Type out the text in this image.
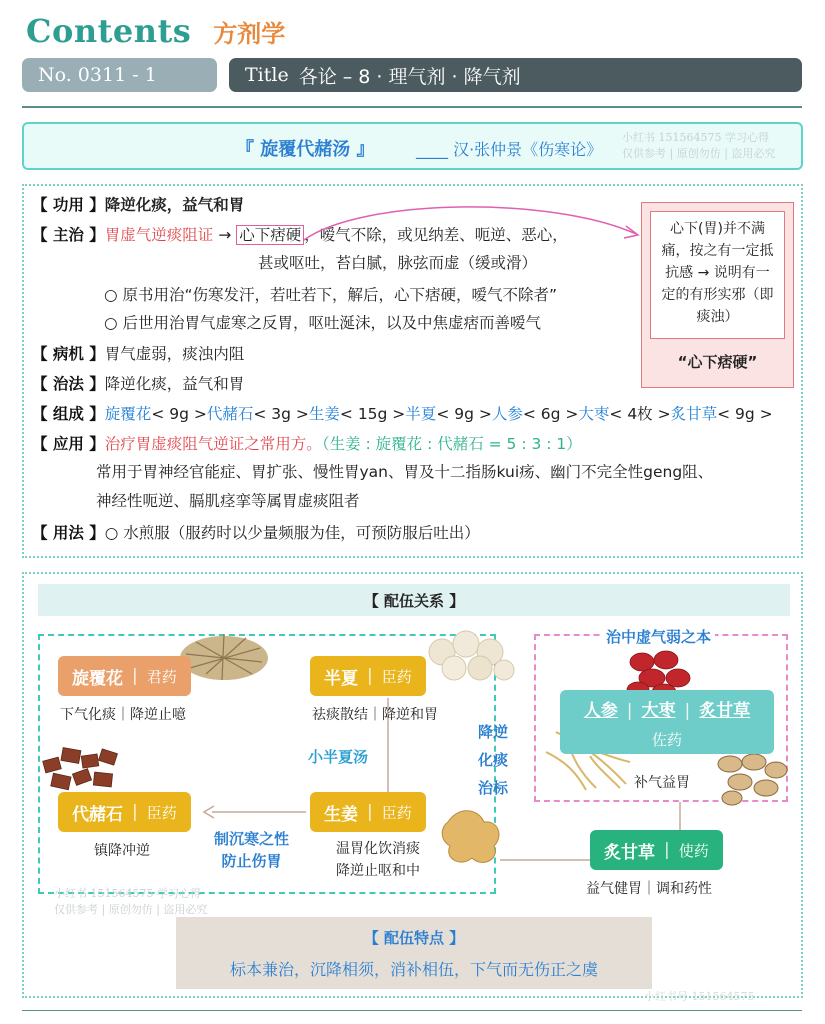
Contents 方剂学
No. 0311 - 1	Title 各论 – 8 · 理气剂 · 降气剂
『 旋覆代赭汤 』	____ 汉·张仲景《伤寒论》
小红书 151564575 学习心得
仅供参考 | 原创勿仿 | 盗用必究
【 功用 】降逆化痰，益气和胃
【 主治 】胃虚气逆痰阻证 → 心下痞硬 ，嗳气不除，或见纳差、呃逆、恶心，
甚或呕吐，苔白腻，脉弦而虚（缓或滑）
○ 原书用治“伤寒发汗，若吐若下，解后，心下痞硬，嗳气不除者”
○ 后世用治胃气虚寒之反胃，呕吐涎沫，以及中焦虚痞而善嗳气
【 病机 】胃气虚弱，痰浊内阻
【 治法 】降逆化痰，益气和胃
【 组成 】旋覆花< 9g >代赭石< 3g >生姜< 15g >半夏< 9g >人参< 6g >大枣< 4枚 >炙甘草< 9g >
【 应用 】治疗胃虚痰阻气逆证之常用方。（生姜 : 旋覆花 : 代赭石 = 5 : 3 : 1）
常用于胃神经官能症、胃扩张、慢性胃yan、胃及十二指肠kui疡、幽门不完全性geng阻、
神经性呃逆、膈肌痉挛等属胃虚痰阻者
【 用法 】○ 水煎服（服药时以少量频服为佳，可预防服后吐出）
心下(胃)并不满痛，按之有一定抵抗感 → 说明有一定的有形实邪（即痰浊）
“心下痞硬”
【 配伍关系 】
旋覆花 | 君药
下气化痰｜降逆止噫
半夏 | 臣药
祛痰散结｜降逆和胃
代赭石 | 臣药
镇降冲逆
生姜 | 臣药
温胃化饮消痰
降逆止呕和中
人参 | 大枣 | 炙甘草
佐药
补气益胃
炙甘草 | 使药
益气健胃｜调和药性
小半夏汤
制沉寒之性
防止伤胃
降逆
化痰
治标
治中虚气弱之本
小红书 151564575 学习心得
仅供参考 | 原创勿仿 | 盗用必究
【 配伍特点 】
标本兼治，沉降相须，消补相伍，下气而无伤正之虞
小红书号 151564575
